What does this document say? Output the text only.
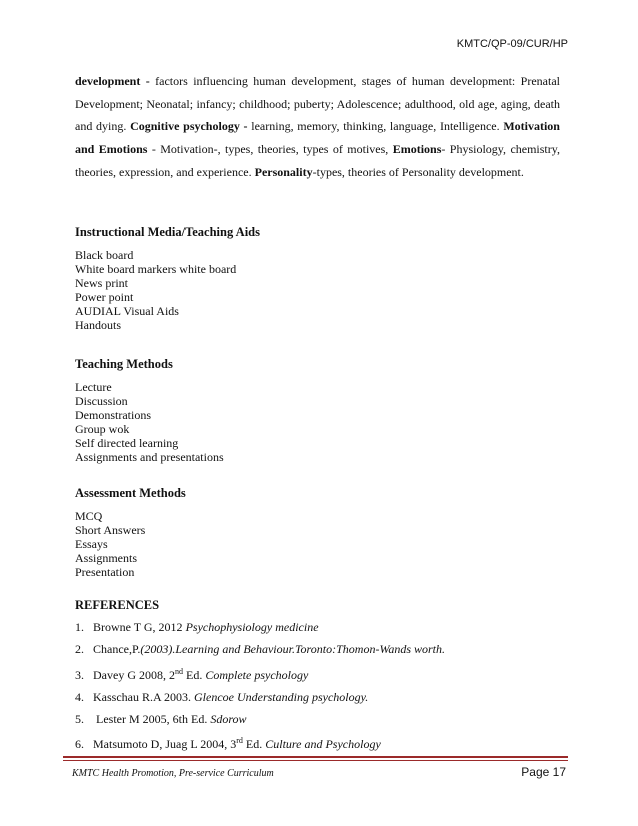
KMTC/QP-09/CUR/HP
development - factors influencing human development, stages of human development: Prenatal Development; Neonatal; infancy; childhood; puberty; Adolescence; adulthood, old age, aging, death and dying. Cognitive psychology - learning, memory, thinking, language, Intelligence. Motivation and Emotions - Motivation-, types, theories, types of motives, Emotions- Physiology, chemistry, theories, expression, and experience. Personality-types, theories of Personality development.
Instructional Media/Teaching Aids
Black board
White board markers white board
News print
Power point
AUDIAL Visual Aids
Handouts
Teaching Methods
Lecture
Discussion
Demonstrations
Group wok
Self directed learning
Assignments and presentations
Assessment Methods
MCQ
Short Answers
Essays
Assignments
Presentation
REFERENCES
1. Browne T G, 2012 Psychophysiology medicine
2. Chance,P.(2003).Learning and Behaviour.Toronto:Thomon-Wands worth.
3. Davey G 2008, 2nd Ed. Complete psychology
4. Kasschau R.A 2003. Glencoe Understanding psychology.
5. Lester M 2005, 6th Ed. Sdorow
6. Matsumoto D, Juag L 2004, 3rd Ed. Culture and Psychology
KMTC Health Promotion, Pre-service Curriculum	Page 17
